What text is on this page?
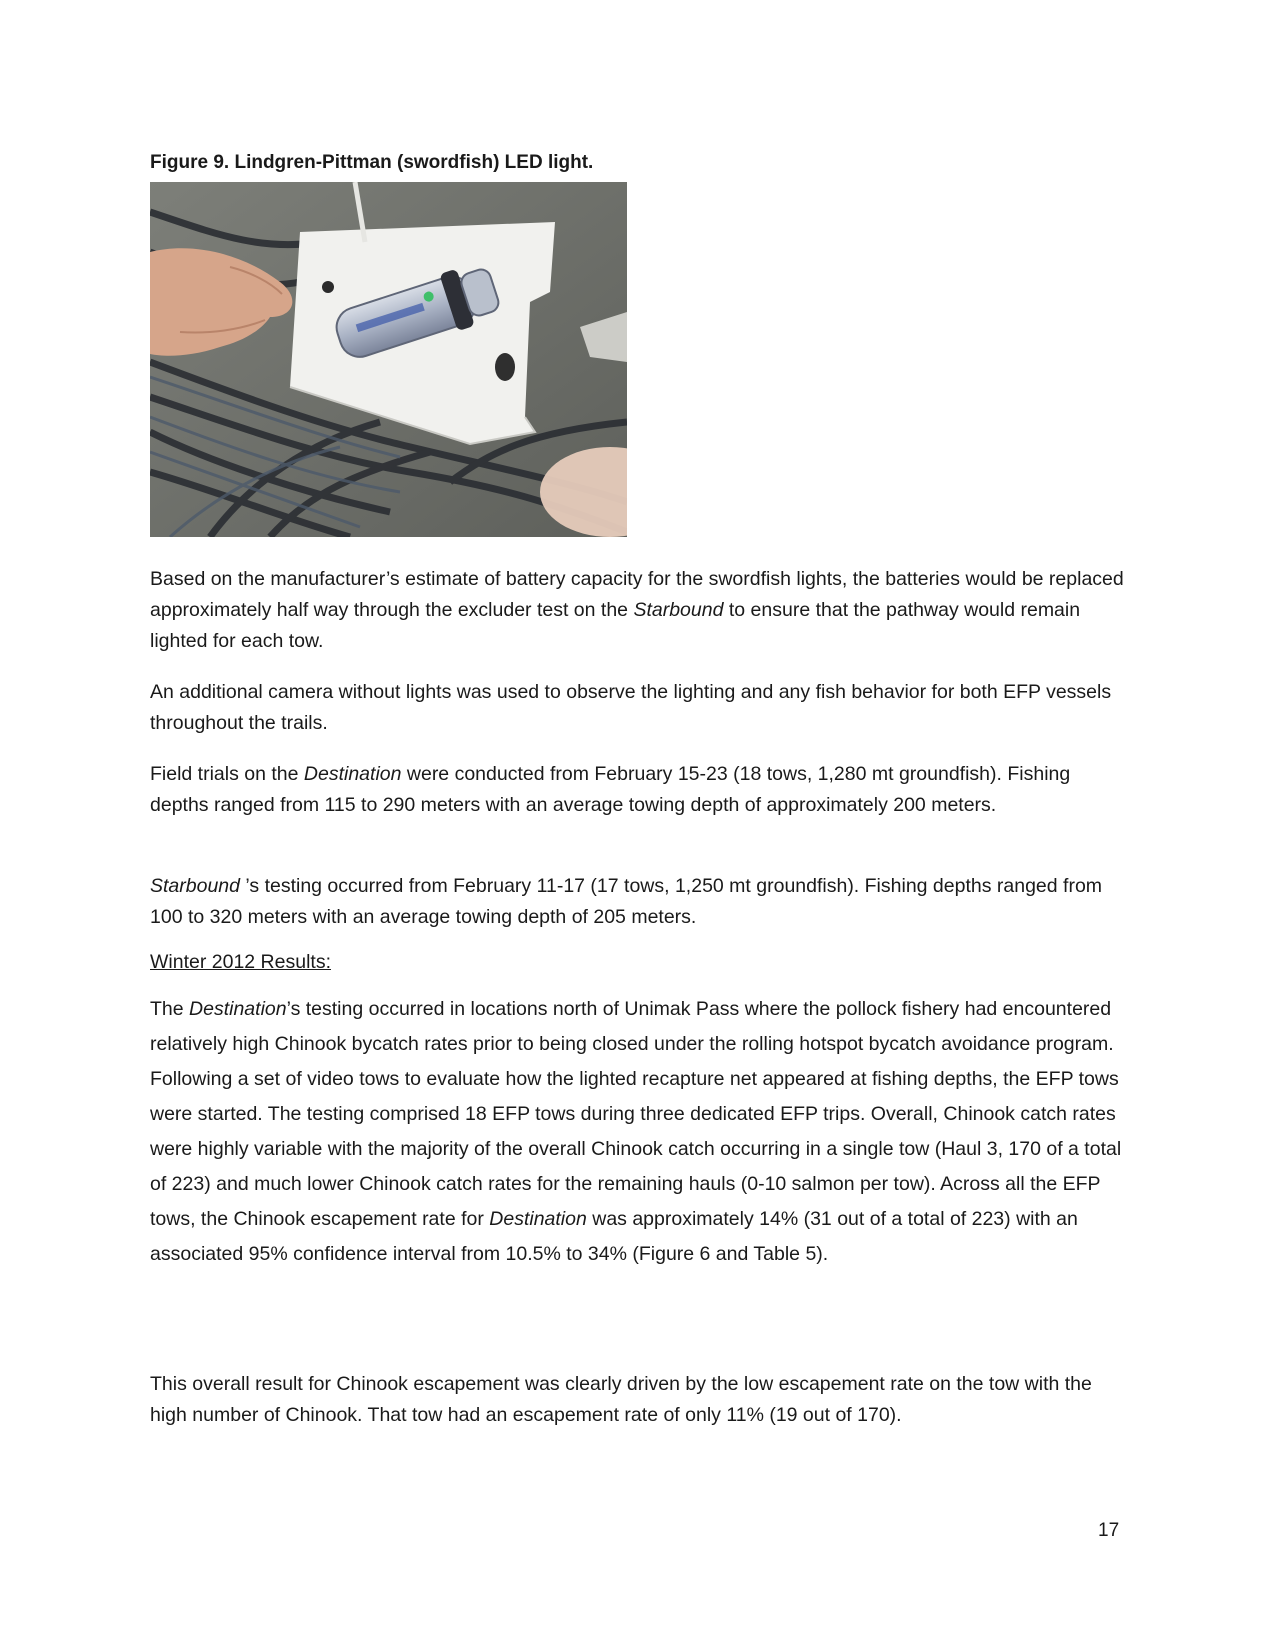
Figure 9. Lindgren-Pittman (swordfish) LED light.

Based on the manufacturer’s estimate of battery capacity for the swordfish lights, the batteries would be replaced approximately half way through the excluder test on the Starbound to ensure that the pathway would remain lighted for each tow.

An additional camera without lights was used to observe the lighting and any fish behavior for both EFP vessels throughout the trails.

Field trials on the Destination were conducted from February 15-23 (18 tows, 1,280 mt groundfish). Fishing depths ranged from 115 to 290 meters with an average towing depth of approximately 200 meters.

Starbound ’s testing occurred from February 11-17 (17 tows, 1,250 mt groundfish). Fishing depths ranged from 100 to 320 meters with an average towing depth of 205 meters.

Winter 2012 Results:

The Destination’s testing occurred in locations north of Unimak Pass where the pollock fishery had encountered relatively high Chinook bycatch rates prior to being closed under the rolling hotspot bycatch avoidance program. Following a set of video tows to evaluate how the lighted recapture net appeared at fishing depths, the EFP tows were started. The testing comprised 18 EFP tows during three dedicated EFP trips. Overall, Chinook catch rates were highly variable with the majority of the overall Chinook catch occurring in a single tow (Haul 3, 170 of a total of 223) and much lower Chinook catch rates for the remaining hauls (0-10 salmon per tow). Across all the EFP tows, the Chinook escapement rate for Destination was approximately 14% (31 out of a total of 223) with an associated 95% confidence interval from 10.5% to 34% (Figure 6 and Table 5).

This overall result for Chinook escapement was clearly driven by the low escapement rate on the tow with the high number of Chinook. That tow had an escapement rate of only 11% (19 out of 170).

17
